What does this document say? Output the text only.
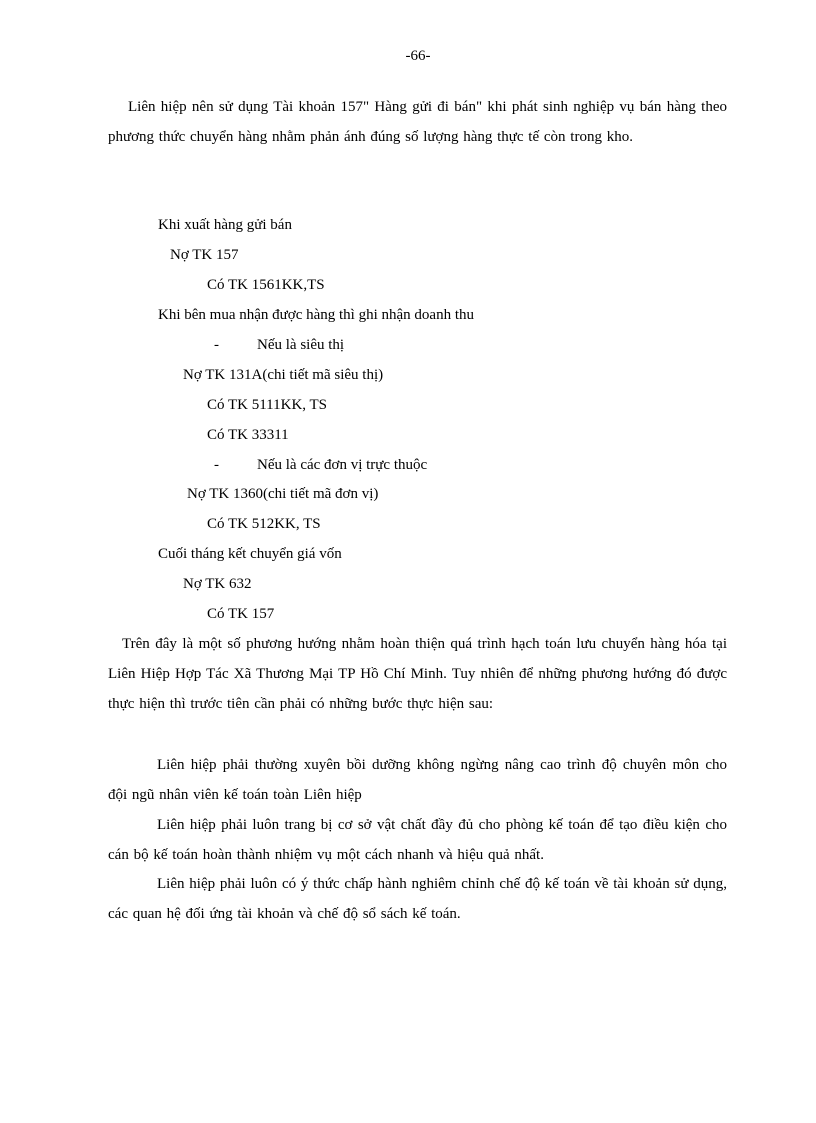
-66-

Liên hiệp nên sử dụng Tài khoản 157" Hàng gửi đi bán" khi phát sinh nghiệp vụ bán hàng theo phương thức chuyển hàng nhằm phản ánh đúng số lượng hàng thực tế còn trong kho.

Khi xuất hàng gửi bán

Nợ TK 157

Có TK 1561KK,TS

Khi bên mua nhận được hàng thì ghi nhận doanh thu

-	Nếu là siêu thị

Nợ TK 131A(chi tiết mã siêu thị)

Có TK 5111KK, TS

Có TK 33311

-	Nếu là các đơn vị trực thuộc

Nợ TK 1360(chi tiết mã đơn vị)

Có TK 512KK, TS

Cuối tháng kết chuyển giá vốn

Nợ TK 632

Có TK 157

Trên đây là một số phương hướng nhằm hoàn thiện quá trình hạch toán lưu chuyển hàng hóa tại Liên Hiệp Hợp Tác Xã Thương Mại TP Hồ Chí Minh. Tuy nhiên để những phương hướng đó được thực hiện thì trước tiên cần phải có những bước thực hiện sau:

Liên hiệp phải thường xuyên bồi dưỡng không ngừng nâng cao trình độ chuyên môn cho đội ngũ nhân viên kế toán toàn Liên hiệp

Liên hiệp phải luôn trang bị cơ sở vật chất đầy đủ cho phòng kế toán để tạo điều kiện cho cán bộ kế toán hoàn thành nhiệm vụ một cách nhanh và hiệu quả nhất.

Liên hiệp phải luôn có ý thức chấp hành nghiêm chỉnh chế độ kế toán về tài khoản sử dụng, các quan hệ đối ứng tài khoản và chế độ sổ sách kế toán.
